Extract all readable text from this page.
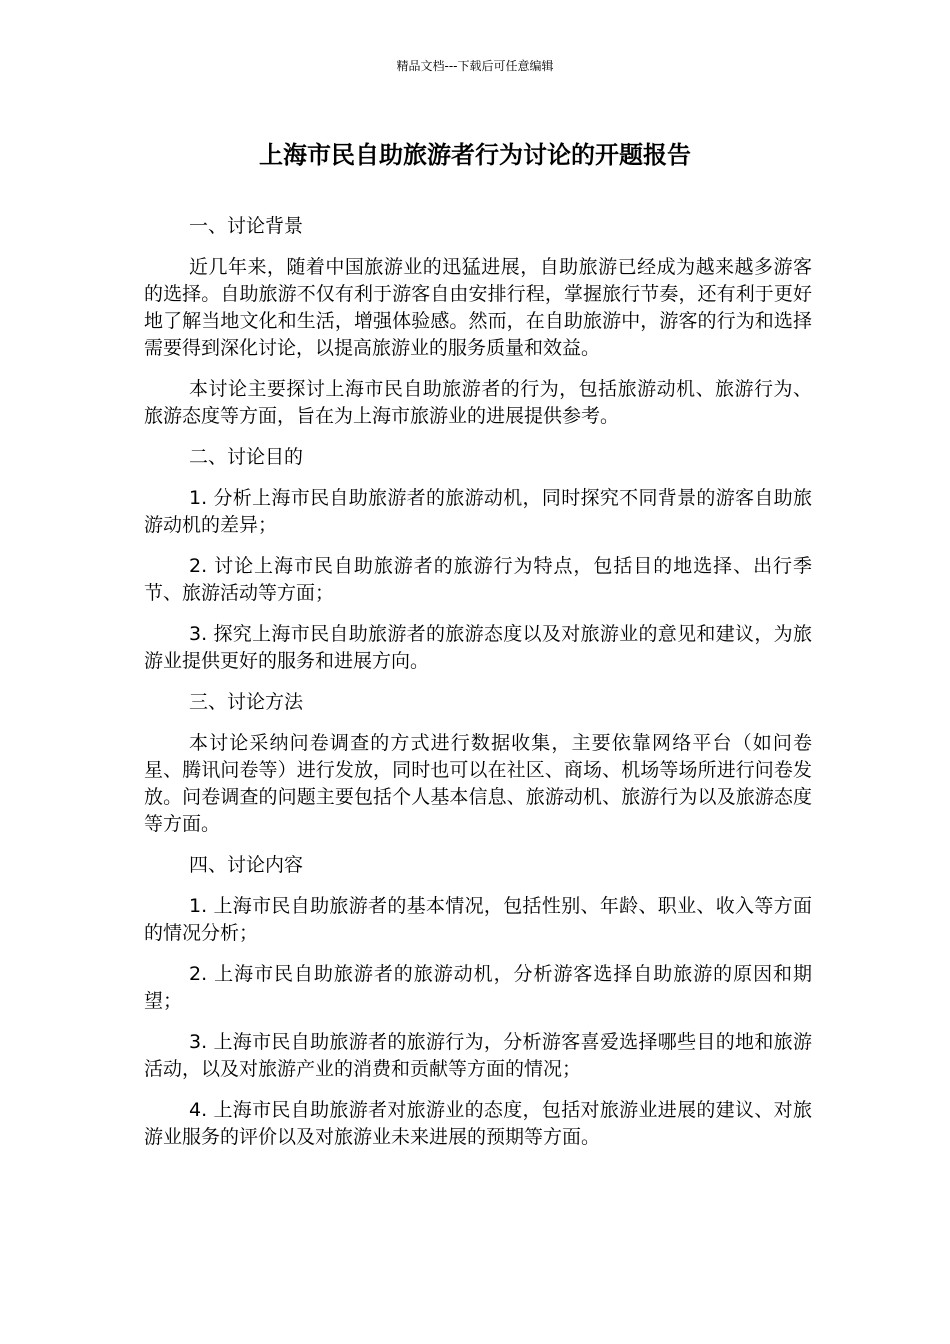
精品文档---下载后可任意编辑
上海市民自助旅游者行为讨论的开题报告

一、讨论背景

近几年来，随着中国旅游业的迅猛进展，自助旅游已经成为越来越多游客的选择。自助旅游不仅有利于游客自由安排行程，掌握旅行节奏，还有利于更好地了解当地文化和生活，增强体验感。然而，在自助旅游中，游客的行为和选择需要得到深化讨论，以提高旅游业的服务质量和效益。

本讨论主要探讨上海市民自助旅游者的行为，包括旅游动机、旅游行为、旅游态度等方面，旨在为上海市旅游业的进展提供参考。

二、讨论目的

1. 分析上海市民自助旅游者的旅游动机，同时探究不同背景的游客自助旅游动机的差异；

2. 讨论上海市民自助旅游者的旅游行为特点，包括目的地选择、出行季节、旅游活动等方面；

3. 探究上海市民自助旅游者的旅游态度以及对旅游业的意见和建议，为旅游业提供更好的服务和进展方向。

三、讨论方法

本讨论采纳问卷调查的方式进行数据收集，主要依靠网络平台（如问卷星、腾讯问卷等）进行发放，同时也可以在社区、商场、机场等场所进行问卷发放。问卷调查的问题主要包括个人基本信息、旅游动机、旅游行为以及旅游态度等方面。

四、讨论内容

1. 上海市民自助旅游者的基本情况，包括性别、年龄、职业、收入等方面的情况分析；

2. 上海市民自助旅游者的旅游动机，分析游客选择自助旅游的原因和期望；

3. 上海市民自助旅游者的旅游行为，分析游客喜爱选择哪些目的地和旅游活动，以及对旅游产业的消费和贡献等方面的情况；

4. 上海市民自助旅游者对旅游业的态度，包括对旅游业进展的建议、对旅游业服务的评价以及对旅游业未来进展的预期等方面。
